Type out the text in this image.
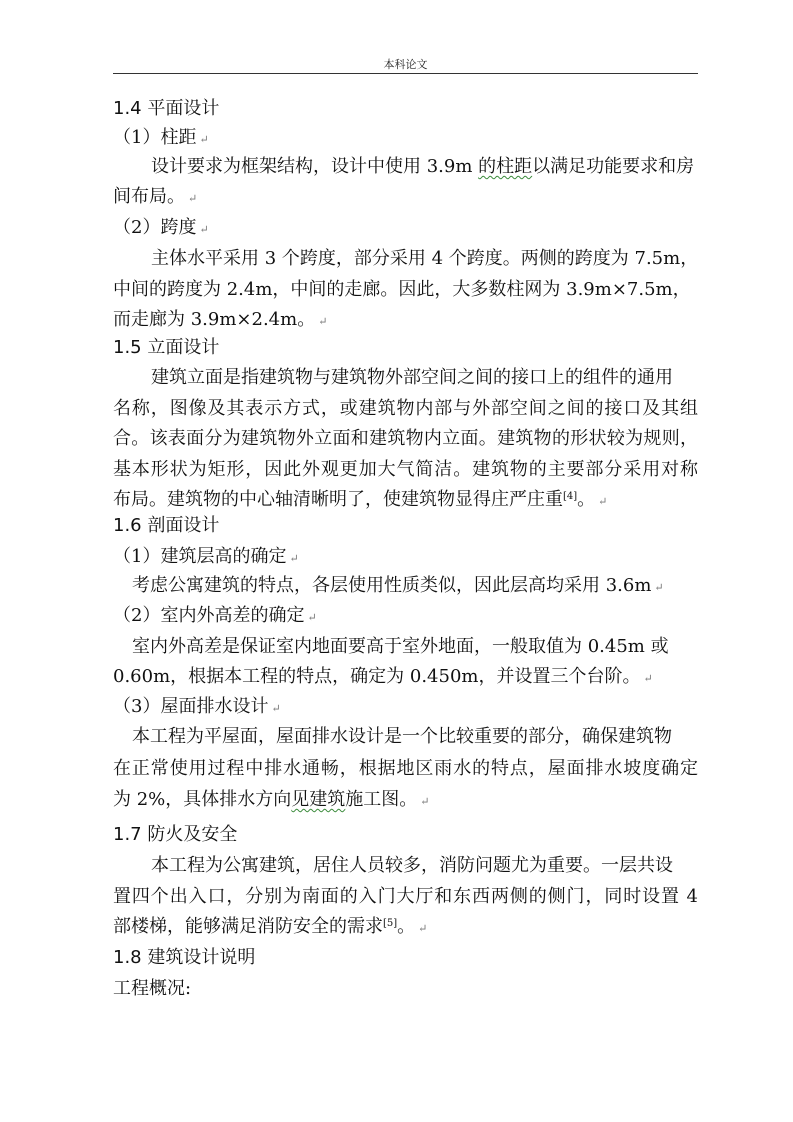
本科论文
1.4 平面设计
（1）柱距 ↵
设计要求为框架结构，设计中使用 3.9m 的柱距以满足功能要求和房
间布局。 ↵
（2）跨度 ↵
主体水平采用 3 个跨度，部分采用 4 个跨度。两侧的跨度为 7.5m，
中间的跨度为 2.4m，中间的走廊。因此，大多数柱网为 3.9m×7.5m，
而走廊为 3.9m×2.4m。 ↵
1.5 立面设计
建筑立面是指建筑物与建筑物外部空间之间的接口上的组件的通用
名称，图像及其表示方式，或建筑物内部与外部空间之间的接口及其组
合。该表面分为建筑物外立面和建筑物内立面。建筑物的形状较为规则，
基本形状为矩形，因此外观更加大气简洁。建筑物的主要部分采用对称
布局。建筑物的中心轴清晰明了，使建筑物显得庄严庄重[4]。 ↵
1.6 剖面设计
（1）建筑层高的确定 ↵
考虑公寓建筑的特点，各层使用性质类似，因此层高均采用 3.6m ↵
（2）室内外高差的确定 ↵
室内外高差是保证室内地面要高于室外地面，一般取值为 0.45m 或
0.60m，根据本工程的特点，确定为 0.450m，并设置三个台阶。 ↵
（3）屋面排水设计 ↵
本工程为平屋面，屋面排水设计是一个比较重要的部分，确保建筑物
在正常使用过程中排水通畅，根据地区雨水的特点，屋面排水坡度确定
为 2%，具体排水方向见建筑施工图。 ↵
1.7 防火及安全
本工程为公寓建筑，居住人员较多，消防问题尤为重要。一层共设
置四个出入口，分别为南面的入门大厅和东西两侧的侧门，同时设置 4
部楼梯，能够满足消防安全的需求[5]。 ↵
1.8 建筑设计说明
工程概况:
